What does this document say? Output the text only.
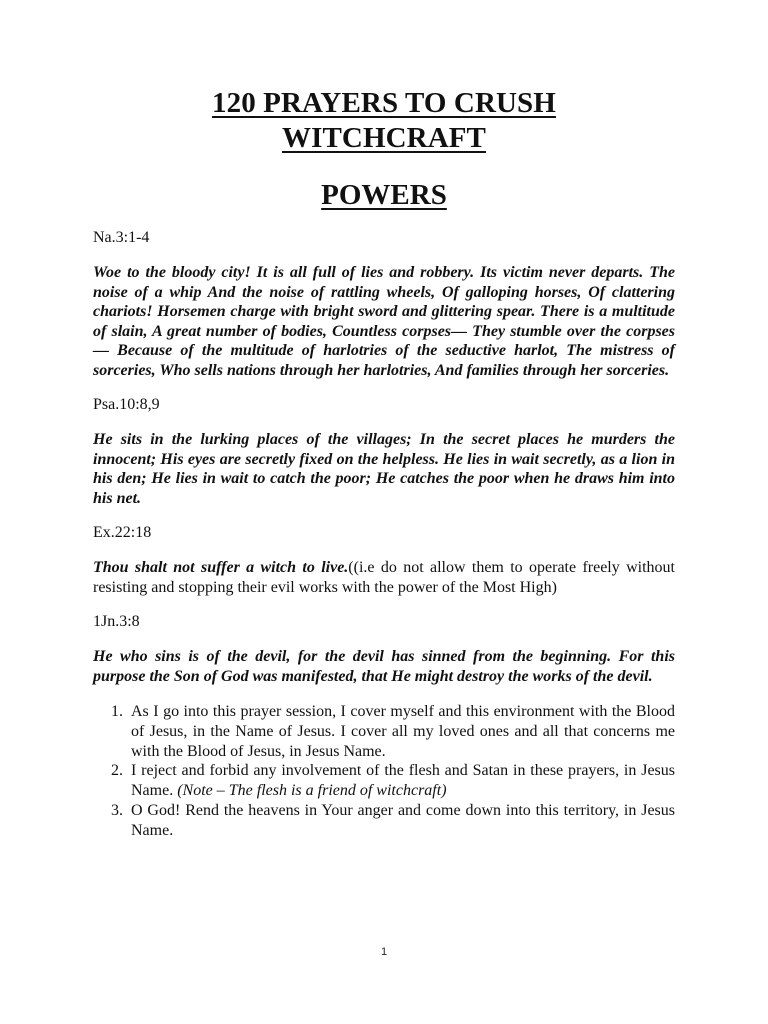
120 PRAYERS TO CRUSH
WITCHCRAFT
POWERS

Na.3:1-4

Woe to the bloody city! It is all full of lies and robbery. Its victim never departs. The noise of a whip And the noise of rattling wheels, Of galloping horses, Of clattering chariots! Horsemen charge with bright sword and glittering spear. There is a multitude of slain, A great number of bodies, Countless corpses— They stumble over the corpses— Because of the multitude of harlotries of the seductive harlot, The mistress of sorceries, Who sells nations through her harlotries, And families through her sorceries.

Psa.10:8,9

He sits in the lurking places of the villages; In the secret places he murders the innocent; His eyes are secretly fixed on the helpless. He lies in wait secretly, as a lion in his den; He lies in wait to catch the poor; He catches the poor when he draws him into his net.

Ex.22:18

Thou shalt not suffer a witch to live.((i.e do not allow them to operate freely without resisting and stopping their evil works with the power of the Most High)

1Jn.3:8

He who sins is of the devil, for the devil has sinned from the beginning. For this purpose the Son of God was manifested, that He might destroy the works of the devil.

1. As I go into this prayer session, I cover myself and this environment with the Blood of Jesus, in the Name of Jesus. I cover all my loved ones and all that concerns me with the Blood of Jesus, in Jesus Name.
2. I reject and forbid any involvement of the flesh and Satan in these prayers, in Jesus Name. (Note – The flesh is a friend of witchcraft)
3. O God! Rend the heavens in Your anger and come down into this territory, in Jesus Name.
1
